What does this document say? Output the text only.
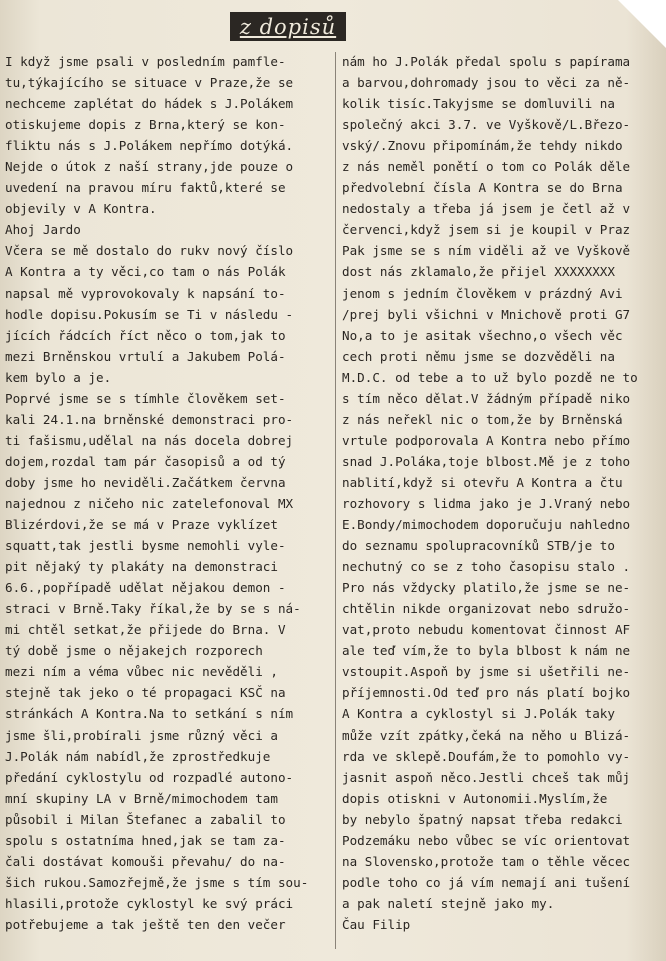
z dopisů
I když jsme psali v posledním pamfle-
tu,týkajícího se situace v Praze,že se
nechceme zaplétat do hádek s J.Polákem
otiskujeme dopis z Brna,který se kon-
fliktu nás s J.Polákem nepřímo dotýká.
Nejde o útok z naší strany,jde pouze o
uvedení na pravou míru faktů,které se
objevily v A Kontra.
Ahoj Jardo
Včera se mě dostalo do rukv nový číslo
A Kontra a ty věci,co tam o nás Polák
napsal mě vyprovokovaly k napsání to-
hodle dopisu.Pokusím se Ti v následu -
jících řádcích říct něco o tom,jak to
mezi Brněnskou vrtulí a Jakubem Polá-
kem bylo a je.
Poprvé jsme se s tímhle člověkem set-
kali 24.1.na brněnské demonstraci pro-
ti fašismu,udělal na nás docela dobrej
dojem,rozdal tam pár časopisů a od tý
doby jsme ho neviděli.Začátkem června
najednou z ničeho nic zatelefonoval MX
Blizérdovi,že se má v Praze vyklízet
squatt,tak jestli bysme nemohli vyle-
pit nějaký ty plakáty na demonstraci
6.6.,popřípadě udělat nějakou demon -
straci v Brně.Taky říkal,že by se s ná-
mi chtěl setkat,že přijede do Brna. V
tý době jsme o nějakejch rozporech
mezi ním a véma vůbec nic nevěděli ,
stejně tak jeko o té propagaci KSČ na
stránkách A Kontra.Na to setkání s ním
jsme šli,probírali jsme různý věci a
J.Polák nám nabídl,že zprostředkuje
předání cyklostylu od rozpadlé autono-
mní skupiny LA v Brně/mimochodem tam
působil i Milan Štefanec a zabalil to
spolu s ostatníma hned,jak se tam za-
čali dostávat komouši převahu/ do na-
šich rukou.Samozřejmě,že jsme s tím sou-
hlasili,protože cyklostyl ke svý práci
potřebujeme a tak ještě ten den večer
nám ho J.Polák předal spolu s papírama
a barvou,dohromady jsou to věci za ně-
kolik tisíc.Takyjsme se domluvili na
společný akci 3.7. ve Vyškově/L.Březo-
vský/.Znovu připomínám,že tehdy nikdo
z nás neměl ponětí o tom co Polák děle
předvolební čísla A Kontra se do Brna
nedostaly a třeba já jsem je četl až v
červenci,když jsem si je koupil v Praz
Pak jsme se s ním viděli až ve Vyškově
dost nás zklamalo,že přijel XXXXXXXX
jenom s jedním člověkem v prázdný Avi
/prej byli všichni v Mnichově proti G7
No,a to je asitak všechno,o všech věc
cech proti němu jsme se dozvěděli na
M.D.C. od tebe a to už bylo pozdě ne to
s tím něco dělat.V žádným případě niko
z nás neřekl nic o tom,že by Brněnská
vrtule podporovala A Kontra nebo přímo
snad J.Poláka,toje blbost.Mě je z toho
nablití,když si otevřu A Kontra a čtu
rozhovory s lidma jako je J.Vraný nebo
E.Bondy/mimochodem doporučuju nahledno
do seznamu spolupracovníků STB/je to
nechutný co se z toho časopisu stalo .
Pro nás vždycky platilo,že jsme se ne-
chtělin nikde organizovat nebo sdružo-
vat,proto nebudu komentovat činnost AF
ale teď vím,že to byla blbost k nám ne
vstoupit.Aspoň by jsme si ušetřili ne-
příjemnosti.Od teď pro nás platí bojko
A Kontra a cyklostyl si J.Polák taky
může vzít zpátky,čeká na něho u Blizá-
rda ve sklepě.Doufám,že to pomohlo vy-
jasnit aspoň něco.Jestli chceš tak můj
dopis otiskni v Autonomii.Myslím,že
by nebylo špatný napsat třeba redakci
Podzemáku nebo vůbec se víc orientovat
na Slovensko,protože tam o těhle věcec
podle toho co já vím nemají ani tušení
a pak naletí stejně jako my.
Čau Filip
